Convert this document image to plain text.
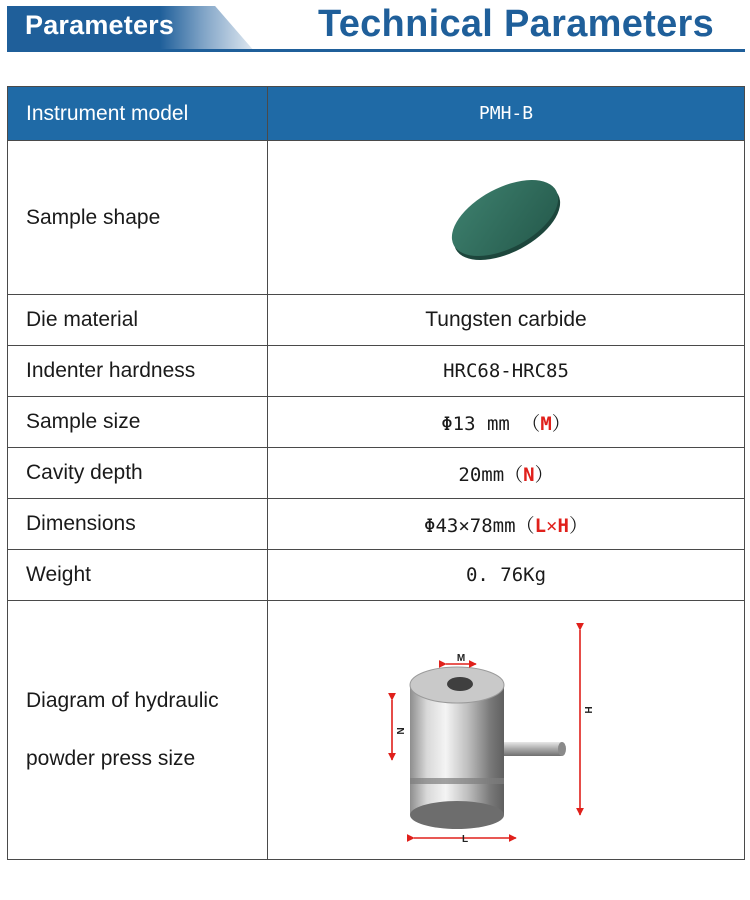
Parameters	Technical Parameters
Instrument model	PMH-B
Sample shape	

Die material	Tungsten carbide
Indenter hardness	HRC68-HRC85
Sample size	Φ13 mm （M）
Cavity depth	20mm（N）
Dimensions	Φ43×78mm（L×H）
Weight	0. 76Kg
Diagram of hydraulic
powder press size	M
N
H
L
